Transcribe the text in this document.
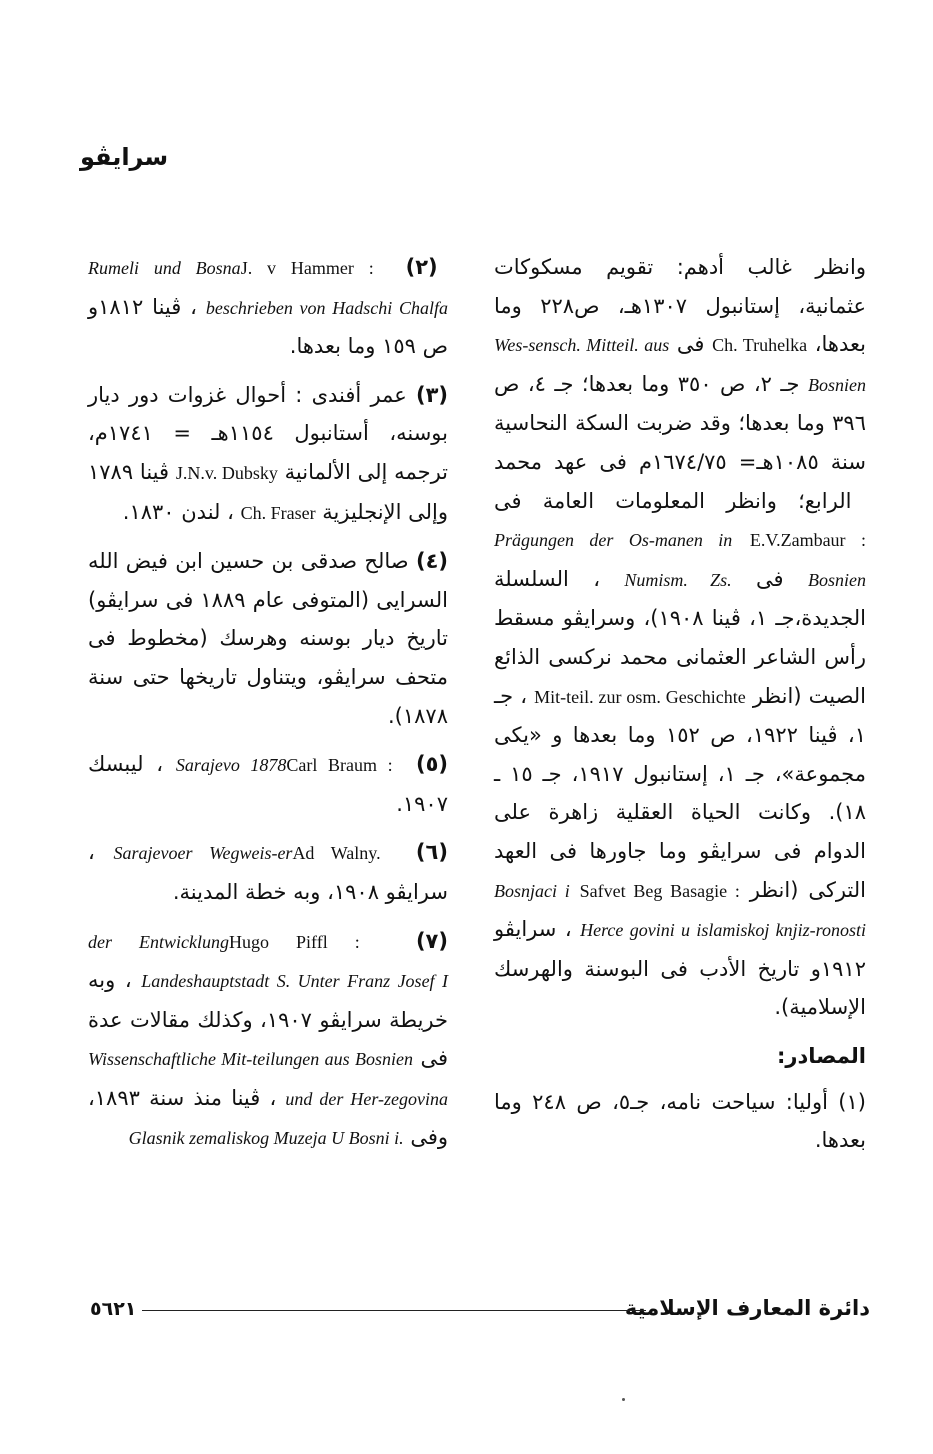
سرايڤو

وانظر غالب أدهم: تقويم مسكوكات عثمانية، إستانبول ١٣٠٧هـ، ص٢٢٨ وما بعدها، Ch. Truhelka فى Wes-sensch. Mitteil. aus Bosnien جـ ٢، ص ٣٥٠ وما بعدها؛ جـ ٤، ص ٣٩٦ وما بعدها؛ وقد ضربت السكة النحاسية سنة ١٠٨٥هـ= ١٦٧٤/٧٥م فى عهد محمد الرابع؛ وانظر المعلومات العامة فى E.V.Zambaur : Prägungen der Os-manen in Bosnien فى Numism. Zs. ، السلسلة الجديدة،جـ ١، ڤينا ١٩٠٨)، وسرايڤو مسقط رأس الشاعر العثمانى محمد نركسى الذائع الصيت (انظر Mit-teil. zur osm. Geschichte ، جـ ١، ڤينا ١٩٢٢، ص ١٥٢ وما بعدها و «يكى مجموعة»، جـ ١، إستانبول ١٩١٧، جـ ١٥ ـ ١٨). وكانت الحياة العقلية زاهرة على الدوام فى سرايڤو وما جاورها فى العهد التركى (انظر Safvet Beg Basagie : Bosnjaci i Herce govini u islamiskoj knjiz-ronosti ، سرايڤو ١٩١٢و تاريخ الأدب فى البوسنة والهرسك الإسلامية).

المصادر:

(١) أوليا: سياحت نامه، جـ٥، ص ٢٤٨ وما بعدها.

(٢) J. v Hammer : Rumeli und Bosna beschrieben von Hadschi Chalfa ، ڤينا ١٨١٢و ص ١٥٩ وما بعدها.

(٣) عمر أفندى : أحوال غزوات دور ديار بوسنه، أستانبول ١١٥٤هـ = ١٧٤١م، ترجمه إلى الألمانية J.N.v. Dubsky ڤينا ١٧٨٩ وإلى الإنجليزية Ch. Fraser ، لندن ١٨٣٠.

(٤) صالح صدقى بن حسين ابن فيض الله السرايى (المتوفى عام ١٨٨٩ فى سرايڤو) تاريخ ديار بوسنه وهرسك (مخطوط فى متحف سرايڤو، ويتناول تاريخها حتى سنة ١٨٧٨).

(٥) Carl Braum : Sarajevo 1878 ، ليبسك ١٩٠٧.

(٦) Ad Walny. Sarajevoer Wegweis-er ، سرايڤو ١٩٠٨، وبه خطة المدينة.

(٧) Hugo Piffl : der Entwicklung Landeshauptstadt S. Unter Franz Josef I ، وبه خريطة سرايڤو ١٩٠٧، وكذلك مقالات عدة فى Wissenschaftliche Mit-teilungen aus Bosnien und der Her-zegovina ، ڤينا منذ سنة ١٨٩٣، وفى Glasnik zemaliskog Muzeja U Bosni i.

دائرة المعارف الإسلامية
٥٦٢١
